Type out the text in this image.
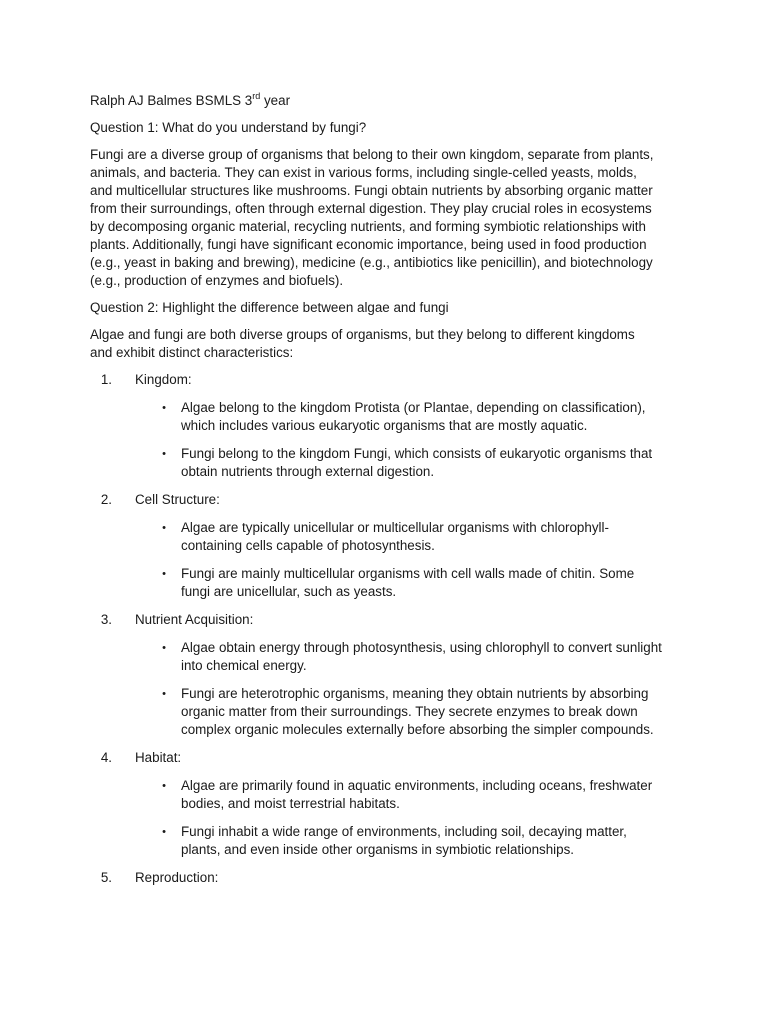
Ralph AJ Balmes BSMLS 3rd year

Question 1: What do you understand by fungi?

Fungi are a diverse group of organisms that belong to their own kingdom, separate from plants,
animals, and bacteria. They can exist in various forms, including single-celled yeasts, molds,
and multicellular structures like mushrooms. Fungi obtain nutrients by absorbing organic matter
from their surroundings, often through external digestion. They play crucial roles in ecosystems
by decomposing organic material, recycling nutrients, and forming symbiotic relationships with
plants. Additionally, fungi have significant economic importance, being used in food production
(e.g., yeast in baking and brewing), medicine (e.g., antibiotics like penicillin), and biotechnology
(e.g., production of enzymes and biofuels).

Question 2: Highlight the difference between algae and fungi

Algae and fungi are both diverse groups of organisms, but they belong to different kingdoms
and exhibit distinct characteristics:

1. Kingdom:
•	Algae belong to the kingdom Protista (or Plantae, depending on classification),
which includes various eukaryotic organisms that are mostly aquatic.
•	Fungi belong to the kingdom Fungi, which consists of eukaryotic organisms that
obtain nutrients through external digestion.
2. Cell Structure:
•	Algae are typically unicellular or multicellular organisms with chlorophyll-
containing cells capable of photosynthesis.
•	Fungi are mainly multicellular organisms with cell walls made of chitin. Some
fungi are unicellular, such as yeasts.
3. Nutrient Acquisition:
•	Algae obtain energy through photosynthesis, using chlorophyll to convert sunlight
into chemical energy.
•	Fungi are heterotrophic organisms, meaning they obtain nutrients by absorbing
organic matter from their surroundings. They secrete enzymes to break down
complex organic molecules externally before absorbing the simpler compounds.
4. Habitat:
•	Algae are primarily found in aquatic environments, including oceans, freshwater
bodies, and moist terrestrial habitats.
•	Fungi inhabit a wide range of environments, including soil, decaying matter,
plants, and even inside other organisms in symbiotic relationships.
5. Reproduction:
